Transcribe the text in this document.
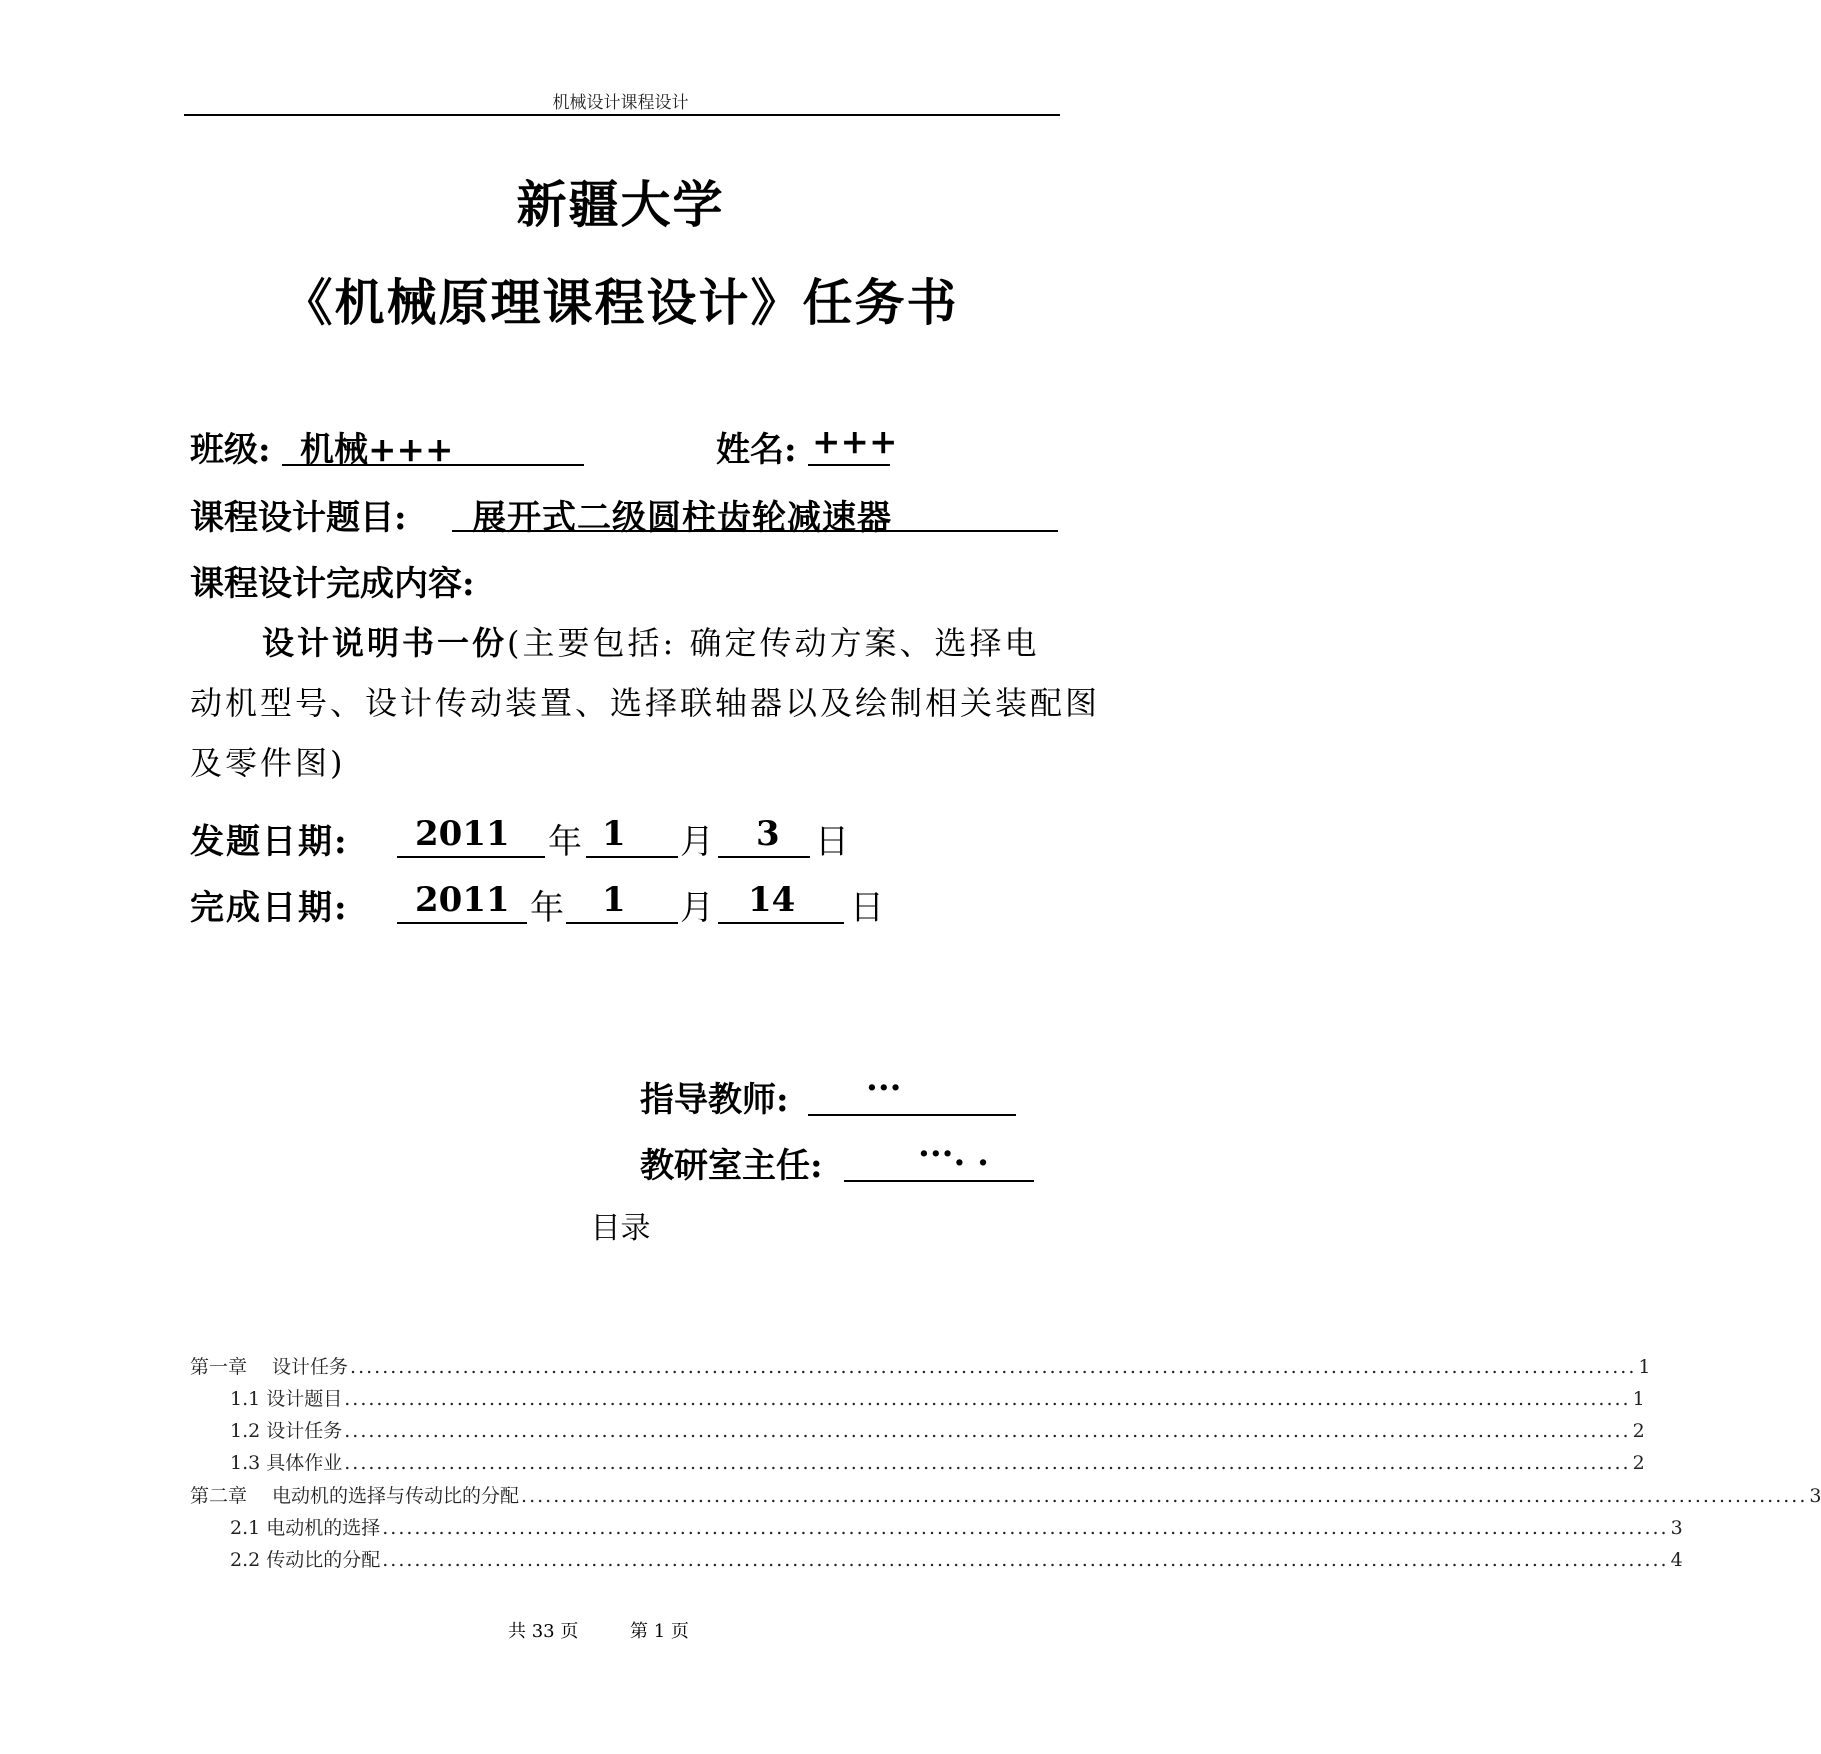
机械设计课程设计
新疆大学
《机械原理课程设计》任务书
班级: 机械+++	姓名: +++
课程设计题目: 展开式二级圆柱齿轮减速器
课程设计完成内容:
设计说明书一份(主要包括: 确定传动方案、选择电
动机型号、设计传动装置、选择联轴器以及绘制相关装配图
及零件图)
发题日期: 2011 年 1 月 3 日
完成日期: 2011 年 1 月 14 日
指导教师: ···
教研室主任:	···. .
目录
第一章　 设计任务 ................................................................................................................................................................ 1
1.1 设计题目 ................................................................................................................................................................ 1
1.2 设计任务 ................................................................................................................................................................ 2
1.3 具体作业 ................................................................................................................................................................ 2
第二章　 电动机的选择与传动比的分配 ................................................................................................................................................................ 3
2.1 电动机的选择 ................................................................................................................................................................ 3
2.2 传动比的分配 ................................................................................................................................................................ 4
共 33 页	第 1 页
